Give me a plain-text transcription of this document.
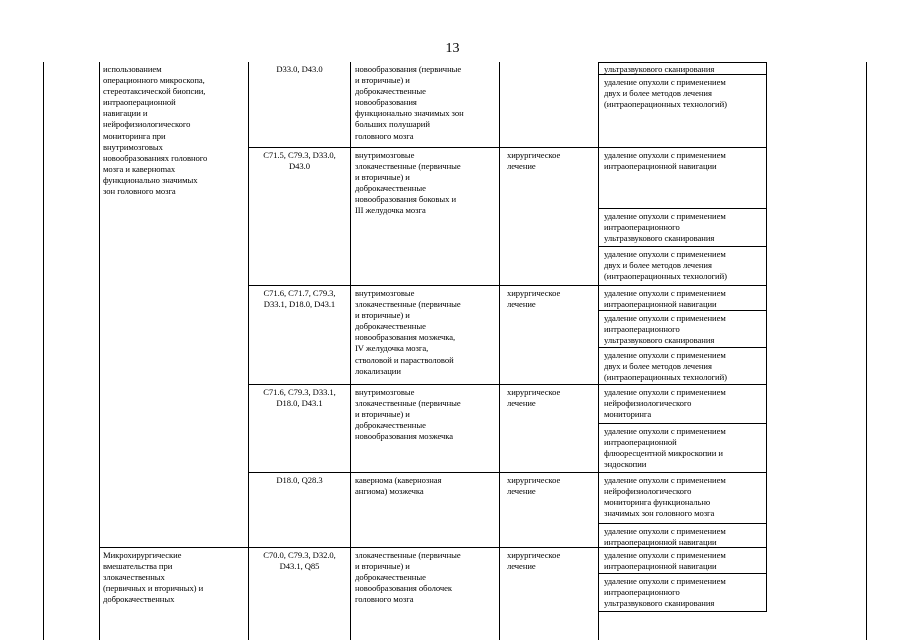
13
использованием
операционного микроскопа,
стереотаксической биопсии,
интраоперационной
навигации и
нейрофизиологического
мониторинга при
внутримозговых
новообразованиях головного
мозга и кавернomах
функционально значимых
зон головного мозга
D33.0, D43.0	новообразования (первичные
и вторичные) и
доброкачественные
новообразования
функционально значимых зон
больших полушарий
головного мозга
ультразвукового сканирования
удаление опухоли с применением
двух и более методов лечения
(интраоперационных технологий)
C71.5, C79.3, D33.0,
D43.0
внутримозговые
злокачественные (первичные
и вторичные) и
доброкачественные
новообразования боковых и
III желудочка мозга
хирургическое
лечение
удаление опухоли с применением
интраоперационной навигации
удаление опухоли с применением
интраоперационного
ультразвукового сканирования
удаление опухоли с применением
двух и более методов лечения
(интраоперационных технологий)
C71.6, C71.7, C79.3,
D33.1, D18.0, D43.1
внутримозговые
злокачественные (первичные
и вторичные) и
доброкачественные
новообразования мозжечка,
IV желудочка мозга,
стволовой и парастволовой
локализации
хирургическое
лечение
удаление опухоли с применением
интраоперационной навигации
удаление опухоли с применением
интраоперационного
ультразвукового сканирования
удаление опухоли с применением
двух и более методов лечения
(интраоперационных технологий)
C71.6, C79.3, D33.1,
D18.0, D43.1
внутримозговые
злокачественные (первичные
и вторичные) и
доброкачественные
новообразования мозжечка
хирургическое
лечение
удаление опухоли с применением
нейрофизиологического
мониторинга
удаление опухоли с применением
интраоперационной
флюоресцентной микроскопии и
эндоскопии
D18.0, Q28.3	кавернома (кавернозная
ангиома) мозжечка
хирургическое
лечение
удаление опухоли с применением
нейрофизиологического
мониторинга функционально
значимых зон головного мозга
удаление опухоли с применением
интраоперационной навигации
Микрохирургические
вмешательства при
злокачественных
(первичных и вторичных) и
доброкачественных
C70.0, C79.3, D32.0,
D43.1, Q85
злокачественные (первичные
и вторичные) и
доброкачественные
новообразования оболочек
головного мозга
хирургическое
лечение
удаление опухоли с применением
интраоперационной навигации
удаление опухоли с применением
интраоперационного
ультразвукового сканирования
